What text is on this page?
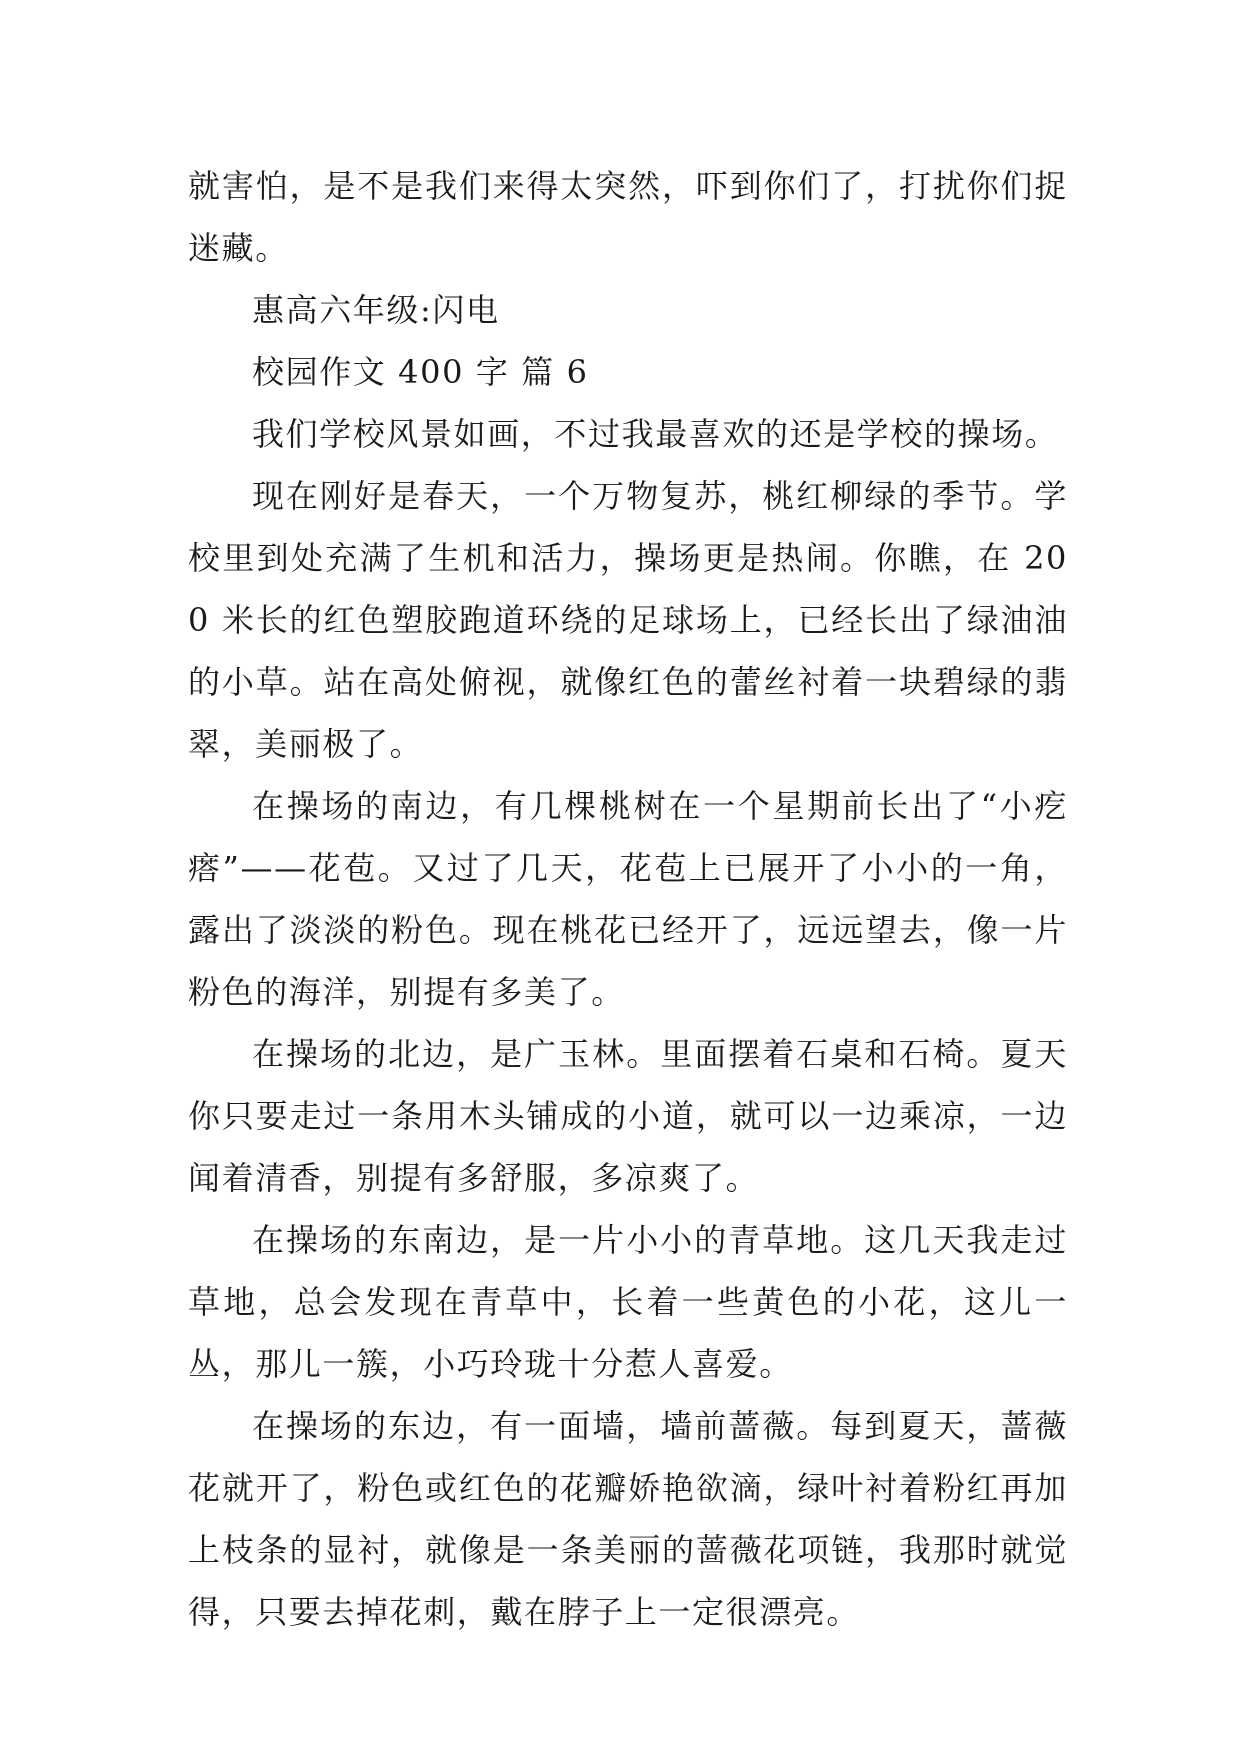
就害怕，是不是我们来得太突然，吓到你们了，打扰你们捉迷藏。

惠高六年级:闪电

校园作文 400 字 篇 6

我们学校风景如画，不过我最喜欢的还是学校的操场。

现在刚好是春天，一个万物复苏，桃红柳绿的季节。学校里到处充满了生机和活力，操场更是热闹。你瞧，在 200 米长的红色塑胶跑道环绕的足球场上，已经长出了绿油油的小草。站在高处俯视，就像红色的蕾丝衬着一块碧绿的翡翠，美丽极了。

在操场的南边，有几棵桃树在一个星期前长出了“小疙瘩”——花苞。又过了几天，花苞上已展开了小小的一角，露出了淡淡的粉色。现在桃花已经开了，远远望去，像一片粉色的海洋，别提有多美了。

在操场的北边，是广玉林。里面摆着石桌和石椅。夏天你只要走过一条用木头铺成的小道，就可以一边乘凉，一边闻着清香，别提有多舒服，多凉爽了。

在操场的东南边，是一片小小的青草地。这几天我走过草地，总会发现在青草中，长着一些黄色的小花，这儿一丛，那儿一簇，小巧玲珑十分惹人喜爱。

在操场的东边，有一面墙，墙前蔷薇。每到夏天，蔷薇花就开了，粉色或红色的花瓣娇艳欲滴，绿叶衬着粉红再加上枝条的显衬，就像是一条美丽的蔷薇花项链，我那时就觉得，只要去掉花刺，戴在脖子上一定很漂亮。
